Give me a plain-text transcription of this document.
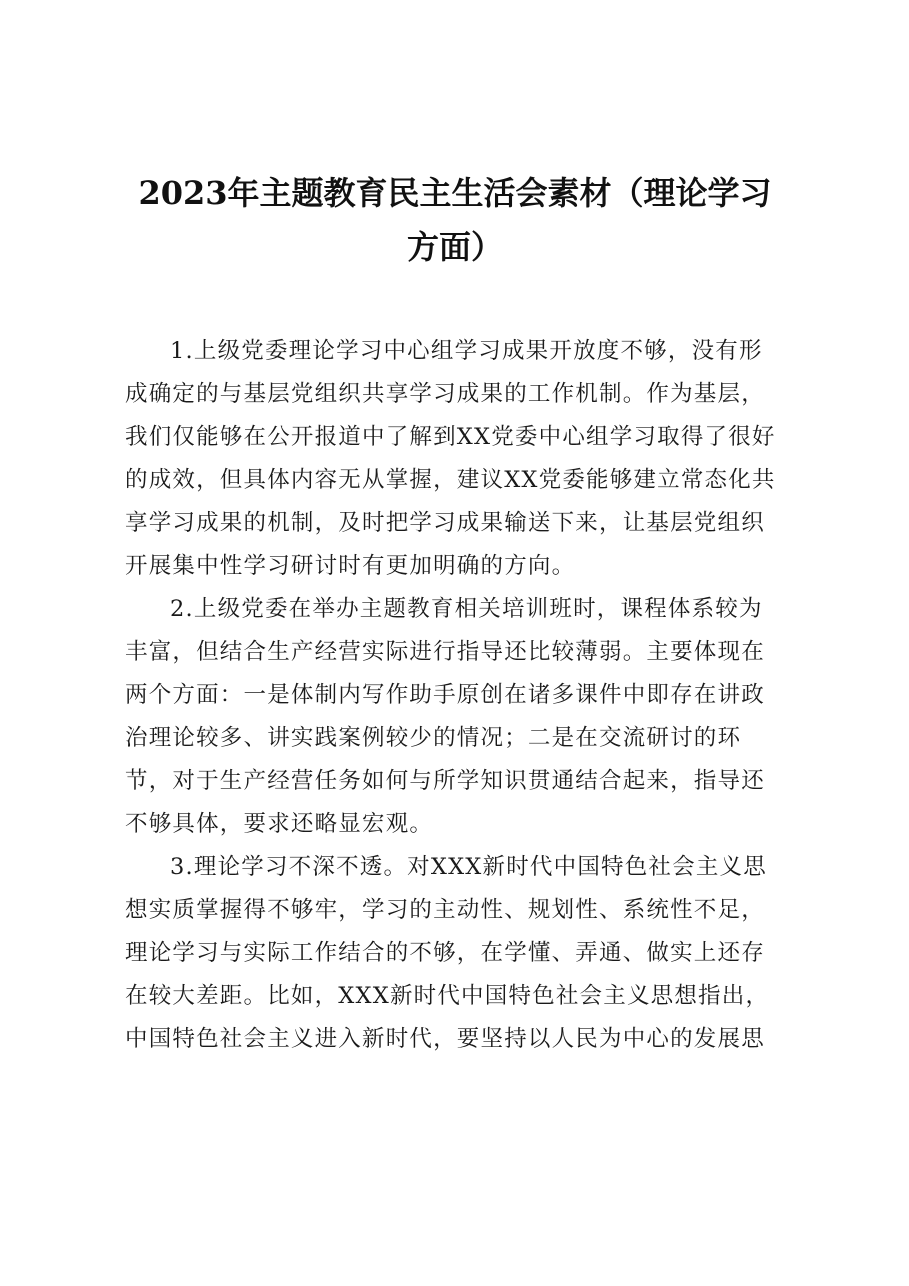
2023年主题教育民主生活会素材（理论学习
方面）
1.上级党委理论学习中心组学习成果开放度不够，没有形
成确定的与基层党组织共享学习成果的工作机制。作为基层，
我们仅能够在公开报道中了解到XX党委中心组学习取得了很好
的成效，但具体内容无从掌握，建议XX党委能够建立常态化共
享学习成果的机制，及时把学习成果输送下来，让基层党组织
开展集中性学习研讨时有更加明确的方向。
2.上级党委在举办主题教育相关培训班时，课程体系较为
丰富，但结合生产经营实际进行指导还比较薄弱。主要体现在
两个方面：一是体制内写作助手原创在诸多课件中即存在讲政
治理论较多、讲实践案例较少的情况；二是在交流研讨的环
节，对于生产经营任务如何与所学知识贯通结合起来，指导还
不够具体，要求还略显宏观。
3.理论学习不深不透。对XXX新时代中国特色社会主义思
想实质掌握得不够牢，学习的主动性、规划性、系统性不足，
理论学习与实际工作结合的不够，在学懂、弄通、做实上还存
在较大差距。比如，XXX新时代中国特色社会主义思想指出，
中国特色社会主义进入新时代，要坚持以人民为中心的发展思
